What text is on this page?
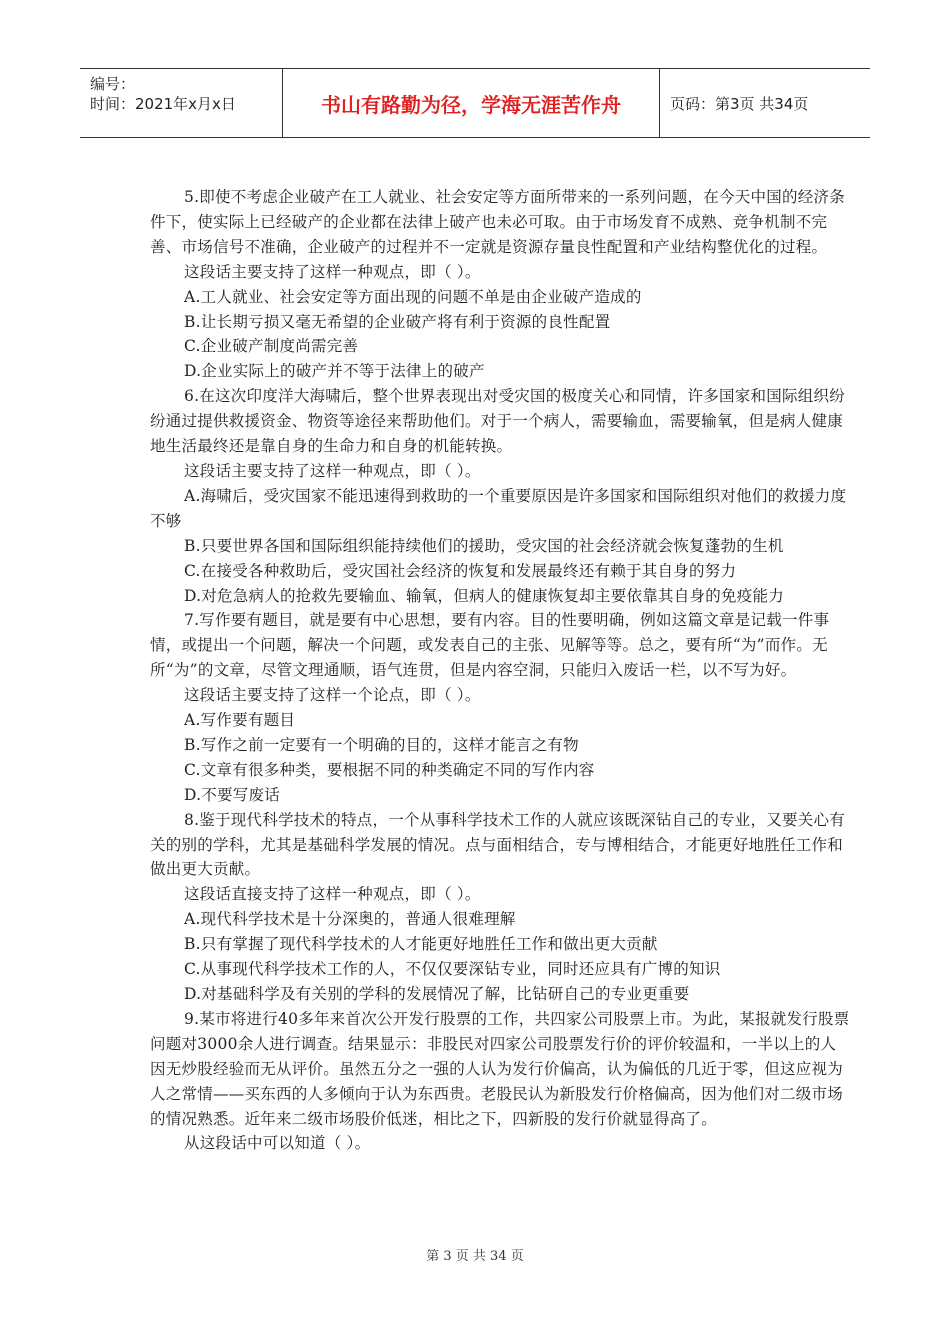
编号：
时间：2021年x月x日	书山有路勤为径，学海无涯苦作舟	页码：第3页 共34页

5.即使不考虑企业破产在工人就业、社会安定等方面所带来的一系列问题，在今天中国的经济条件下，使实际上已经破产的企业都在法律上破产也未必可取。由于市场发育不成熟、竞争机制不完善、市场信号不准确，企业破产的过程并不一定就是资源存量良性配置和产业结构整优化的过程。

这段话主要支持了这样一种观点，即（ ）。

A.工人就业、社会安定等方面出现的问题不单是由企业破产造成的

B.让长期亏损又毫无希望的企业破产将有利于资源的良性配置

C.企业破产制度尚需完善

D.企业实际上的破产并不等于法律上的破产

6.在这次印度洋大海啸后，整个世界表现出对受灾国的极度关心和同情，许多国家和国际组织纷纷通过提供救援资金、物资等途径来帮助他们。对于一个病人，需要输血，需要输氧，但是病人健康地生活最终还是靠自身的生命力和自身的机能转换。

这段话主要支持了这样一种观点，即（ ）。

A.海啸后，受灾国家不能迅速得到救助的一个重要原因是许多国家和国际组织对他们的救援力度不够

B.只要世界各国和国际组织能持续他们的援助，受灾国的社会经济就会恢复蓬勃的生机

C.在接受各种救助后，受灾国社会经济的恢复和发展最终还有赖于其自身的努力

D.对危急病人的抢救先要输血、输氧，但病人的健康恢复却主要依靠其自身的免疫能力

7.写作要有题目，就是要有中心思想，要有内容。目的性要明确，例如这篇文章是记载一件事情，或提出一个问题，解决一个问题，或发表自己的主张、见解等等。总之，要有所“为”而作。无所“为”的文章，尽管文理通顺，语气连贯，但是内容空洞，只能归入废话一栏，以不写为好。

这段话主要支持了这样一个论点，即（ ）。

A.写作要有题目

B.写作之前一定要有一个明确的目的，这样才能言之有物

C.文章有很多种类，要根据不同的种类确定不同的写作内容

D.不要写废话

8.鉴于现代科学技术的特点，一个从事科学技术工作的人就应该既深钻自己的专业，又要关心有关的别的学科，尤其是基础科学发展的情况。点与面相结合，专与博相结合，才能更好地胜任工作和做出更大贡献。

这段话直接支持了这样一种观点，即（ ）。

A.现代科学技术是十分深奥的，普通人很难理解

B.只有掌握了现代科学技术的人才能更好地胜任工作和做出更大贡献

C.从事现代科学技术工作的人，不仅仅要深钻专业，同时还应具有广博的知识

D.对基础科学及有关别的学科的发展情况了解，比钻研自己的专业更重要

9.某市将进行40多年来首次公开发行股票的工作，共四家公司股票上市。为此，某报就发行股票问题对3000余人进行调查。结果显示：非股民对四家公司股票发行价的评价较温和，一半以上的人因无炒股经验而无从评价。虽然五分之一强的人认为发行价偏高，认为偏低的几近于零，但这应视为人之常情——买东西的人多倾向于认为东西贵。老股民认为新股发行价格偏高，因为他们对二级市场的情况熟悉。近年来二级市场股价低迷，相比之下，四新股的发行价就显得高了。

从这段话中可以知道（ ）。

第 3 页 共 34 页
